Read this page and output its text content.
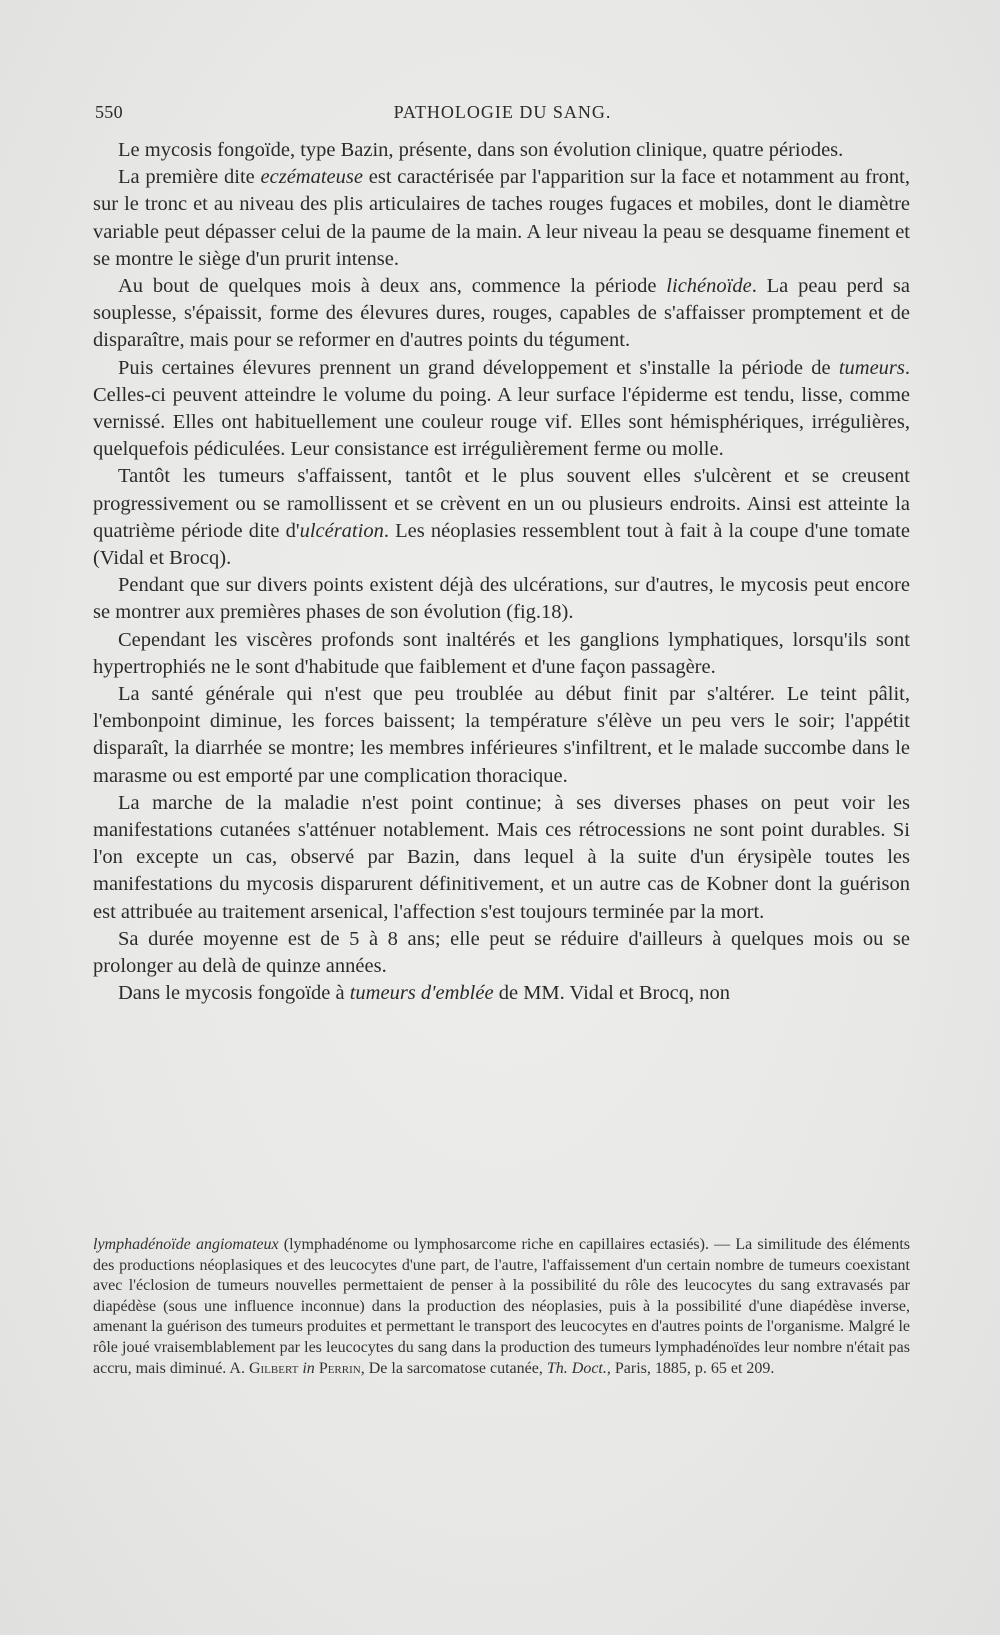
550	PATHOLOGIE DU SANG.

Le mycosis fongoïde, type Bazin, présente, dans son évolution clinique, quatre périodes.

La première dite eczémateuse est caractérisée par l'apparition sur la face et notamment au front, sur le tronc et au niveau des plis articulaires de taches rouges fugaces et mobiles, dont le diamètre variable peut dépasser celui de la paume de la main. A leur niveau la peau se desquame finement et se montre le siège d'un prurit intense.

Au bout de quelques mois à deux ans, commence la période lichénoïde. La peau perd sa souplesse, s'épaissit, forme des élevures dures, rouges, capables de s'affaisser promptement et de disparaître, mais pour se reformer en d'autres points du tégument.

Puis certaines élevures prennent un grand développement et s'installe la période de tumeurs. Celles-ci peuvent atteindre le volume du poing. A leur surface l'épiderme est tendu, lisse, comme vernissé. Elles ont habituellement une couleur rouge vif. Elles sont hémisphériques, irrégulières, quelquefois pédiculées. Leur consistance est irrégulièrement ferme ou molle.

Tantôt les tumeurs s'affaissent, tantôt et le plus souvent elles s'ulcèrent et se creusent progressivement ou se ramollissent et se crèvent en un ou plusieurs endroits. Ainsi est atteinte la quatrième période dite d'ulcération. Les néoplasies ressemblent tout à fait à la coupe d'une tomate (Vidal et Brocq).

Pendant que sur divers points existent déjà des ulcérations, sur d'autres, le mycosis peut encore se montrer aux premières phases de son évolution (fig.18).

Cependant les viscères profonds sont inaltérés et les ganglions lymphatiques, lorsqu'ils sont hypertrophiés ne le sont d'habitude que faiblement et d'une façon passagère.

La santé générale qui n'est que peu troublée au début finit par s'altérer. Le teint pâlit, l'embonpoint diminue, les forces baissent; la température s'élève un peu vers le soir; l'appétit disparaît, la diarrhée se montre; les membres inférieures s'infiltrent, et le malade succombe dans le marasme ou est emporté par une complication thoracique.

La marche de la maladie n'est point continue; à ses diverses phases on peut voir les manifestations cutanées s'atténuer notablement. Mais ces rétrocessions ne sont point durables. Si l'on excepte un cas, observé par Bazin, dans lequel à la suite d'un érysipèle toutes les manifestations du mycosis disparurent définitivement, et un autre cas de Kobner dont la guérison est attribuée au traitement arsenical, l'affection s'est toujours terminée par la mort.

Sa durée moyenne est de 5 à 8 ans; elle peut se réduire d'ailleurs à quelques mois ou se prolonger au delà de quinze années.

Dans le mycosis fongoïde à tumeurs d'emblée de MM. Vidal et Brocq, non

lymphadénoïde angiomateux (lymphadénome ou lymphosarcome riche en capillaires ectasiés). — La similitude des éléments des productions néoplasiques et des leucocytes d'une part, de l'autre, l'affaissement d'un certain nombre de tumeurs coexistant avec l'éclosion de tumeurs nouvelles permettaient de penser à la possibilité du rôle des leucocytes du sang extravasés par diapédèse (sous une influence inconnue) dans la production des néoplasies, puis à la possibilité d'une diapédèse inverse, amenant la guérison des tumeurs produites et permettant le transport des leucocytes en d'autres points de l'organisme. Malgré le rôle joué vraisemblablement par les leucocytes du sang dans la production des tumeurs lymphadénoïdes leur nombre n'était pas accru, mais diminué. A. Gilbert in Perrin, De la sarcomatose cutanée, Th. Doct., Paris, 1885, p. 65 et 209.
